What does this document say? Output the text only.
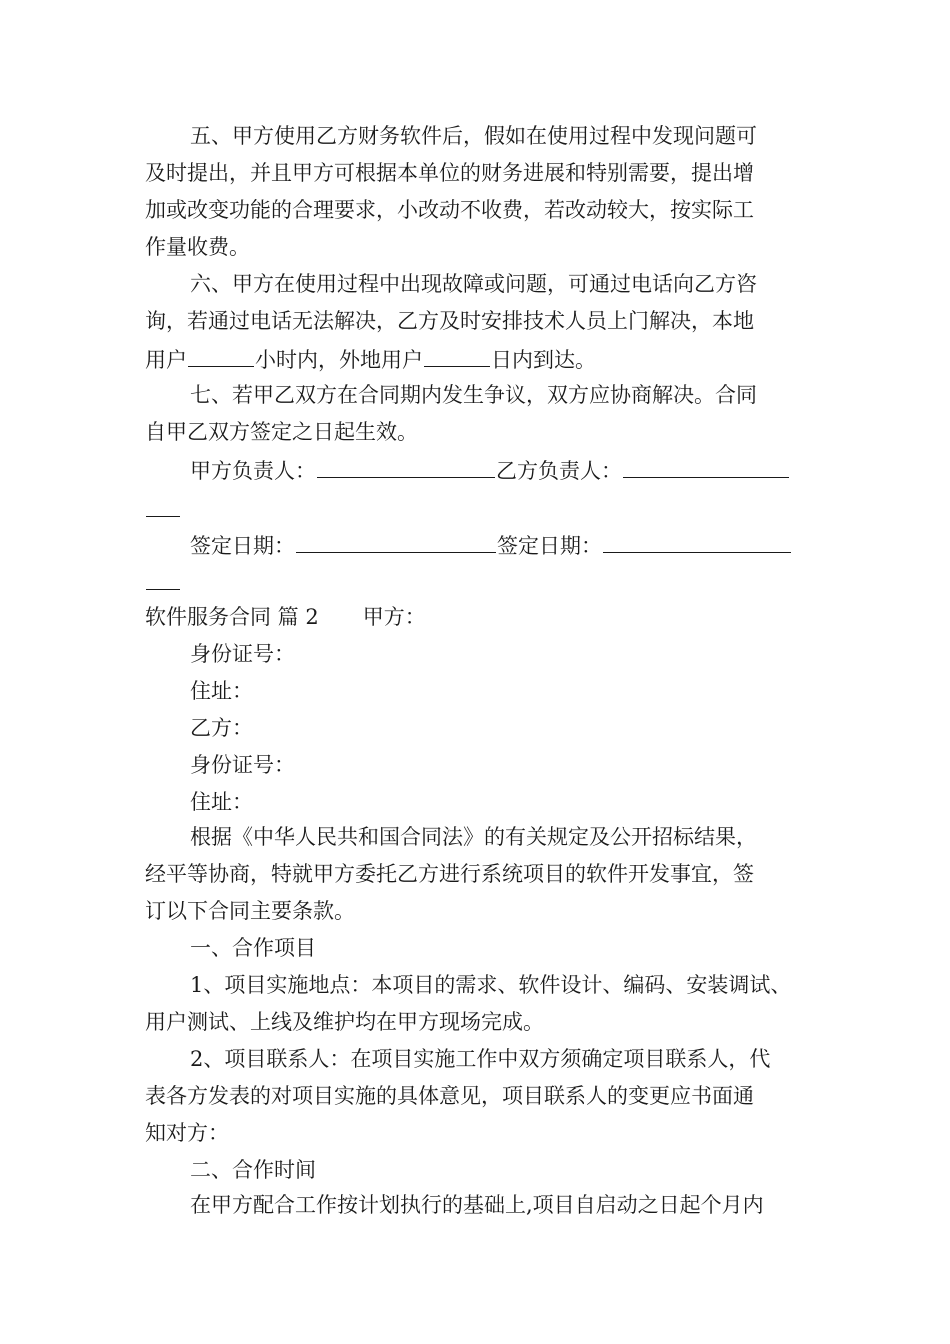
五、甲方使用乙方财务软件后，假如在使用过程中发现问题可
及时提出，并且甲方可根据本单位的财务进展和特别需要，提出增
加或改变功能的合理要求，小改动不收费，若改动较大，按实际工
作量收费。
六、甲方在使用过程中出现故障或问题，可通过电话向乙方咨
询，若通过电话无法解决，乙方及时安排技术人员上门解决，本地
用户	小时内，外地用户	日内到达。
七、若甲乙双方在合同期内发生争议，双方应协商解决。合同
自甲乙双方签定之日起生效。
甲方负责人：	乙方负责人：
签定日期：	签定日期：
软件服务合同 篇 2 甲方：
身份证号：
住址：
乙方：
身份证号：
住址：
根据《中华人民共和国合同法》的有关规定及公开招标结果，
经平等协商，特就甲方委托乙方进行系统项目的软件开发事宜，签
订以下合同主要条款。
一、合作项目
1、项目实施地点：本项目的需求、软件设计、编码、安装调试、
用户测试、上线及维护均在甲方现场完成。
2、项目联系人：在项目实施工作中双方须确定项目联系人，代
表各方发表的对项目实施的具体意见，项目联系人的变更应书面通
知对方：
二、合作时间
在甲方配合工作按计划执行的基础上,项目自启动之日起个月内
